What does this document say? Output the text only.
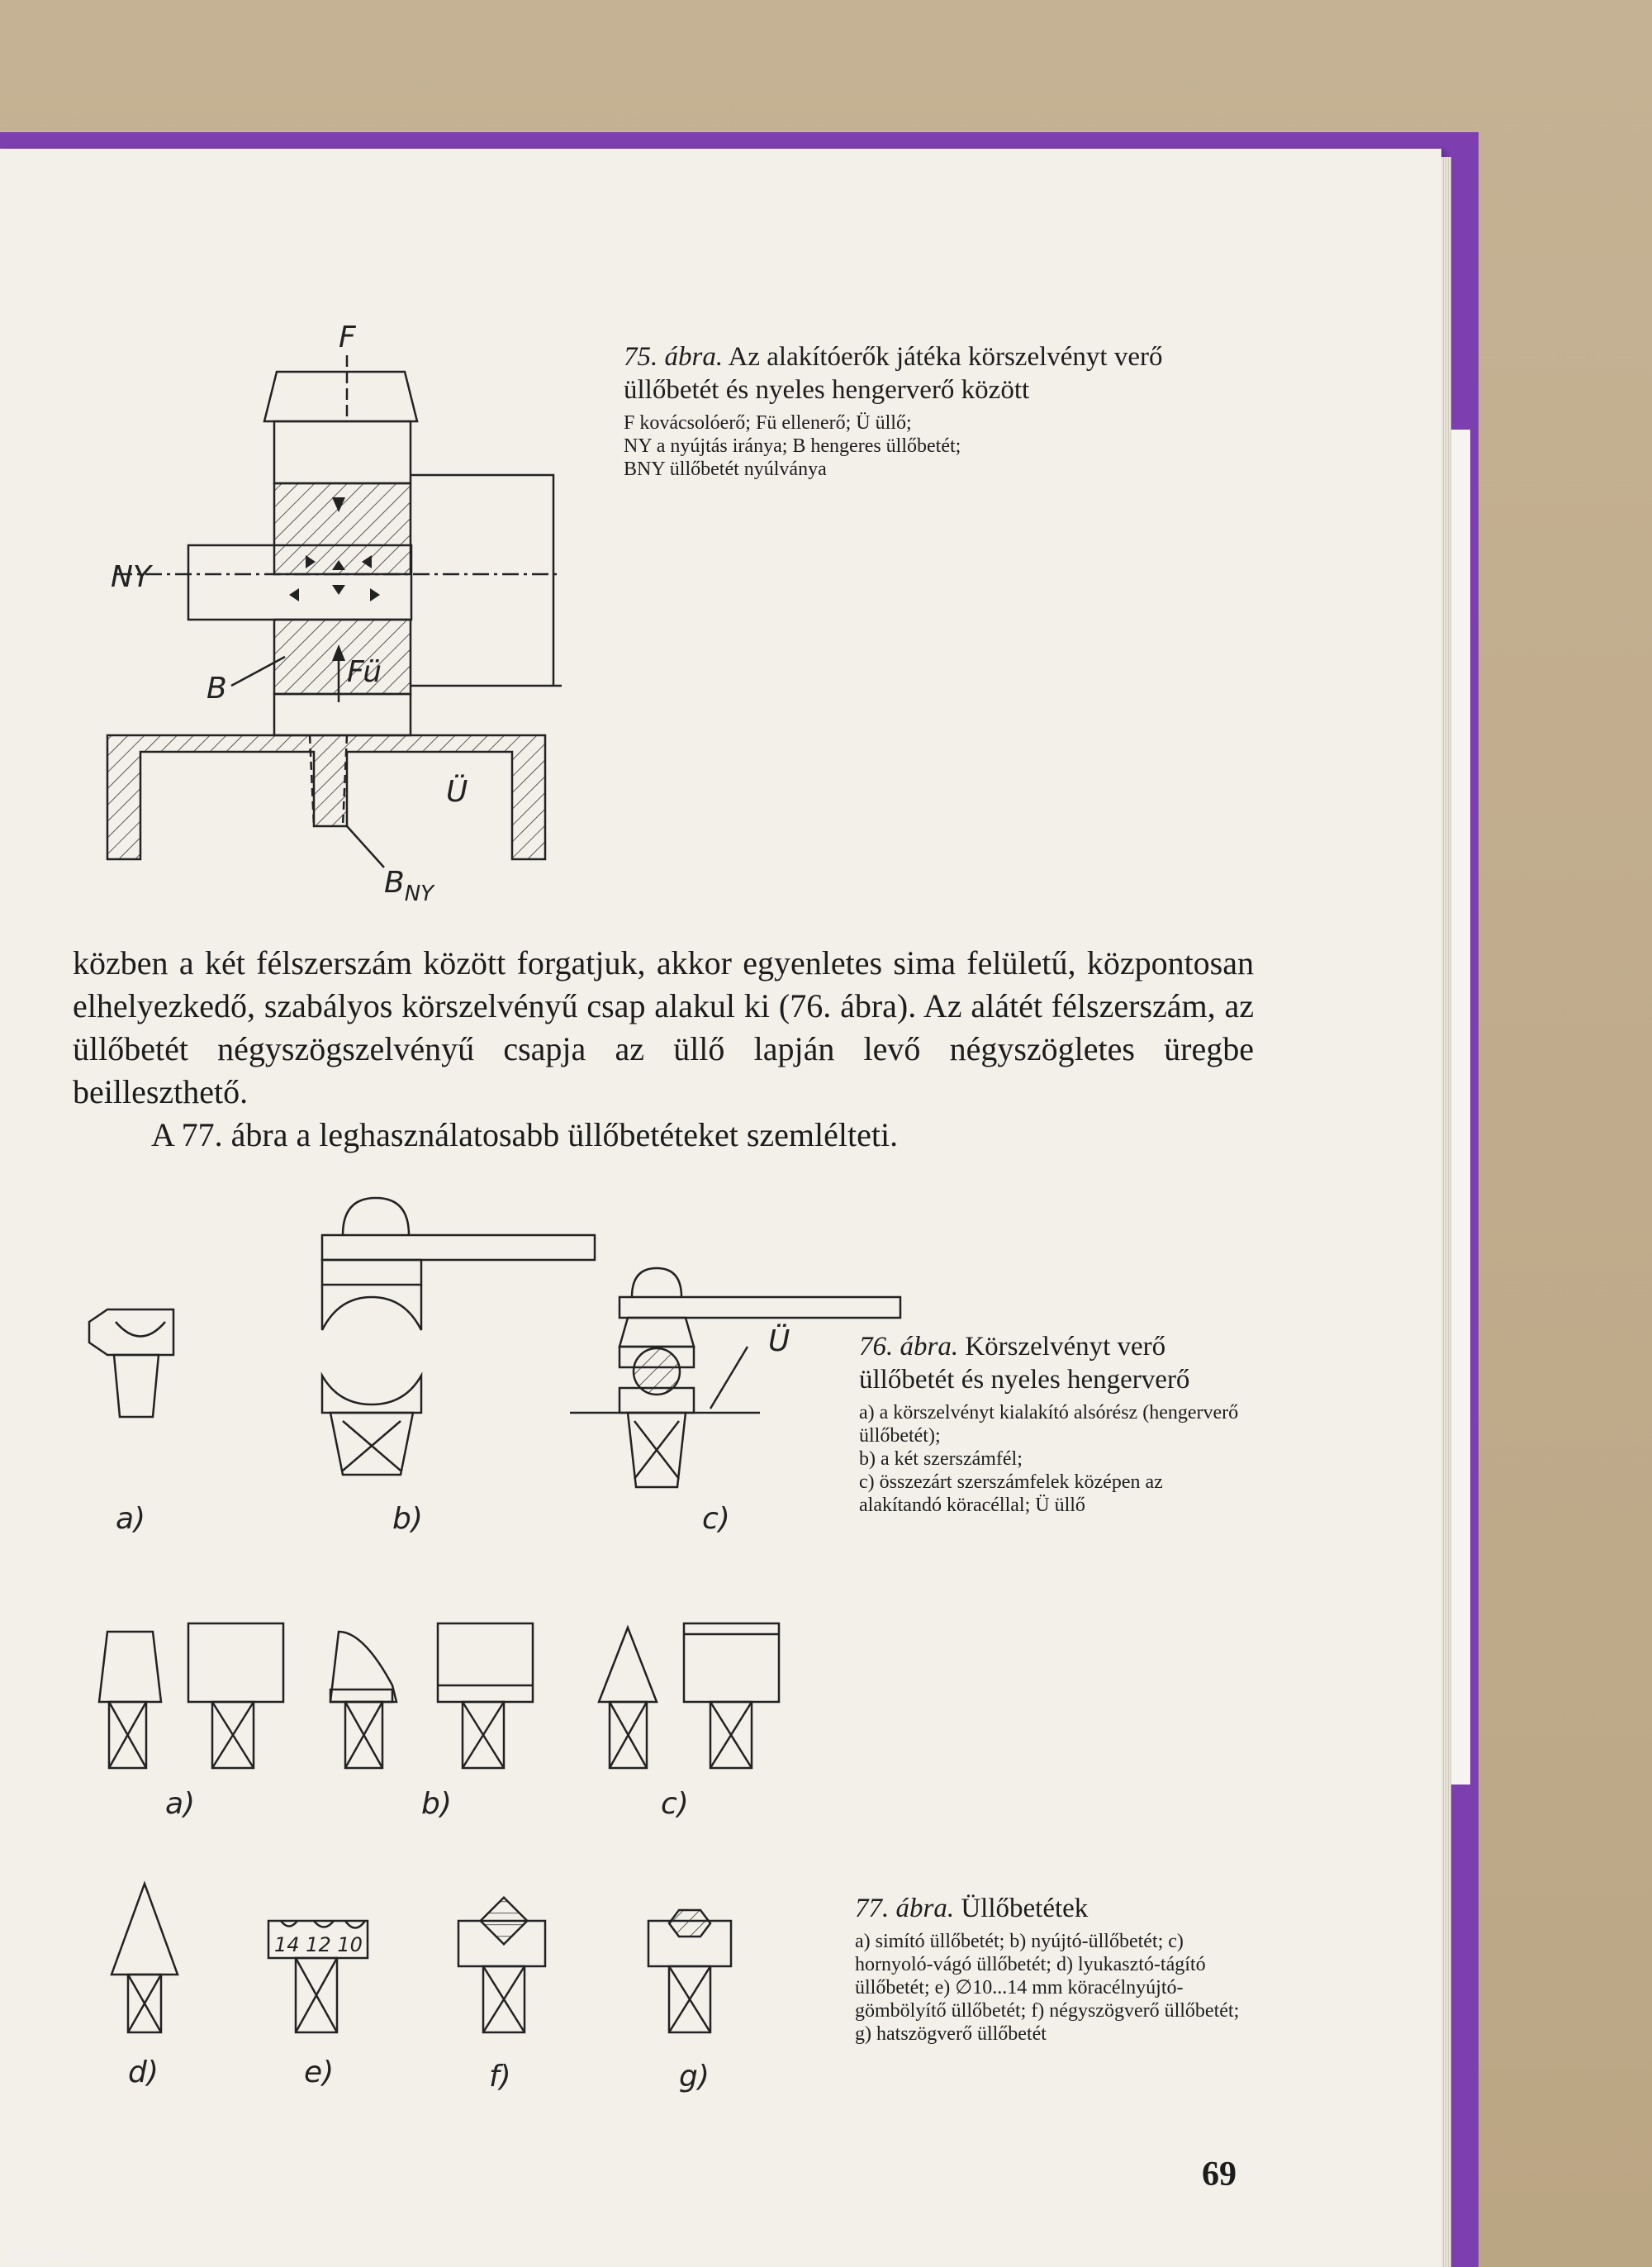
F
Fü
NY
B
Ü
$B_{NY}$
75. ábra. Az alakítóerők játéka körszelvényt verő üllőbetét és nyeles hengerverő között
F kovácsolóerő; Fü ellenerő; Ü üllő;
NY a nyújtás iránya; B hengeres üllőbetét;
BNY üllőbetét nyúlványa

közben a két félszerszám között forgatjuk, akkor egyenletes sima felületű, központosan elhelyezkedő, szabályos körszelvényű csap alakul ki (76. ábra). Az alátét félszerszám, az üllőbetét négyszögszelvényű csapja az üllő lapján levő négyszögletes üregbe beilleszthető.

A 77. ábra a leghasználatosabb üllőbetéteket szemlélteti.

a)	b)
Ü
c)
76. ábra. Körszelvényt verő üllőbetét és nyeles hengerverő
a) a körszelvényt kialakító alsórész (hengerverő üllőbetét);
b) a két szerszámfél;
c) összezárt szerszámfelek középen az alakítandó köracéllal; Ü üllő
a)	b)	c)
d)
14 12 10
e)	f)	g)
77. ábra. Üllőbetétek
a) simító üllőbetét; b) nyújtó-üllőbetét; c) hornyoló-vágó üllőbetét; d) lyukasztó-tágító üllőbetét; e) ∅10...14 mm köracélnyújtó-gömbölyítő üllőbetét; f) négyszögverő üllőbetét; g) hatszögverő üllőbetét
69
Antikvarium.hu
